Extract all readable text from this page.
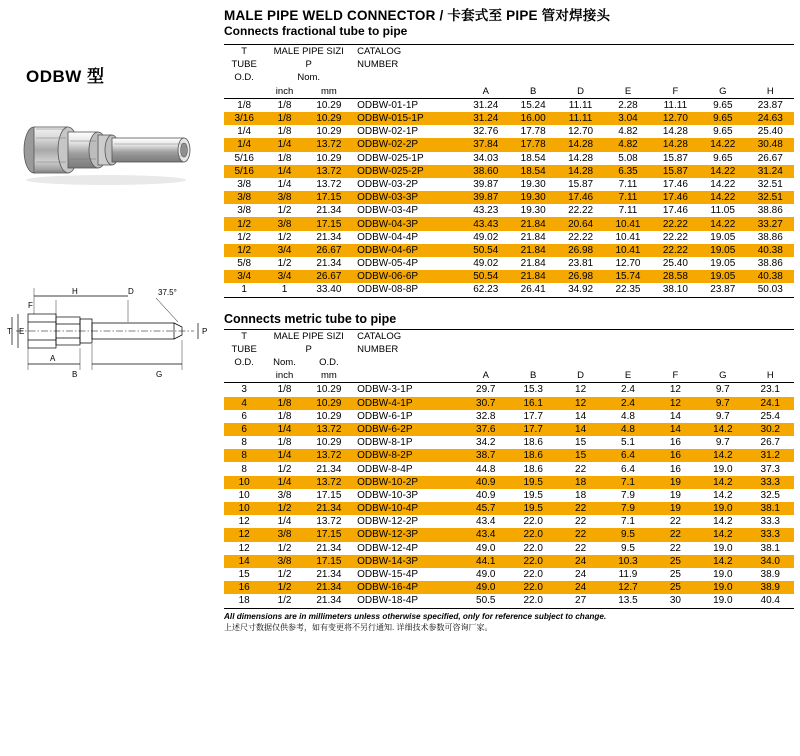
ODBW 型
H	D	37.5°
F
T E	P
A
B	G
MALE PIPE WELD CONNECTOR / 卡套式至 PIPE 管对焊接头
Connects fractional tube to pipe
T	MALE PIPE SIZI		CATALOG							
TUBE	P		NUMBER							
O.D.	Nom.									
	inch	mm		A	B	D	E	F	G	H
1/8	1/8	10.29	ODBW-01-1P	31.24	15.24	11.11	2.28	11.11	9.65	23.87
3/16	1/8	10.29	ODBW-015-1P	31.24	16.00	11.11	3.04	12.70	9.65	24.63
1/4	1/8	10.29	ODBW-02-1P	32.76	17.78	12.70	4.82	14.28	9.65	25.40
1/4	1/4	13.72	ODBW-02-2P	37.84	17.78	14.28	4.82	14.28	14.22	30.48
5/16	1/8	10.29	ODBW-025-1P	34.03	18.54	14.28	5.08	15.87	9.65	26.67
5/16	1/4	13.72	ODBW-025-2P	38.60	18.54	14.28	6.35	15.87	14.22	31.24
3/8	1/4	13.72	ODBW-03-2P	39.87	19.30	15.87	7.11	17.46	14.22	32.51
3/8	3/8	17.15	ODBW-03-3P	39.87	19.30	17.46	7.11	17.46	14.22	32.51
3/8	1/2	21.34	ODBW-03-4P	43.23	19.30	22.22	7.11	17.46	11.05	38.86
1/2	3/8	17.15	ODBW-04-3P	43.43	21.84	20.64	10.41	22.22	14.22	33.27
1/2	1/2	21.34	ODBW-04-4P	49.02	21.84	22.22	10.41	22.22	19.05	38.86
1/2	3/4	26.67	ODBW-04-6P	50.54	21.84	26.98	10.41	22.22	19.05	40.38
5/8	1/2	21.34	ODBW-05-4P	49.02	21.84	23.81	12.70	25.40	19.05	38.86
3/4	3/4	26.67	ODBW-06-6P	50.54	21.84	26.98	15.74	28.58	19.05	40.38
1	1	33.40	ODBW-08-8P	62.23	26.41	34.92	22.35	38.10	23.87	50.03
Connects metric tube to pipe
T	MALE PIPE SIZI		CATALOG							
TUBE	P		NUMBER							
O.D.	Nom.	O.D.								
	inch	mm		A	B	D	E	F	G	H
3	1/8	10.29	ODBW-3-1P	29.7	15.3	12	2.4	12	9.7	23.1
4	1/8	10.29	ODBW-4-1P	30.7	16.1	12	2.4	12	9.7	24.1
6	1/8	10.29	ODBW-6-1P	32.8	17.7	14	4.8	14	9.7	25.4
6	1/4	13.72	ODBW-6-2P	37.6	17.7	14	4.8	14	14.2	30.2
8	1/8	10.29	ODBW-8-1P	34.2	18.6	15	5.1	16	9.7	26.7
8	1/4	13.72	ODBW-8-2P	38.7	18.6	15	6.4	16	14.2	31.2
8	1/2	21.34	ODBW-8-4P	44.8	18.6	22	6.4	16	19.0	37.3
10	1/4	13.72	ODBW-10-2P	40.9	19.5	18	7.1	19	14.2	33.3
10	3/8	17.15	ODBW-10-3P	40.9	19.5	18	7.9	19	14.2	32.5
10	1/2	21.34	ODBW-10-4P	45.7	19.5	22	7.9	19	19.0	38.1
12	1/4	13.72	ODBW-12-2P	43.4	22.0	22	7.1	22	14.2	33.3
12	3/8	17.15	ODBW-12-3P	43.4	22.0	22	9.5	22	14.2	33.3
12	1/2	21.34	ODBW-12-4P	49.0	22.0	22	9.5	22	19.0	38.1
14	3/8	17.15	ODBW-14-3P	44.1	22.0	24	10.3	25	14.2	34.0
15	1/2	21.34	ODBW-15-4P	49.0	22.0	24	11.9	25	19.0	38.9
16	1/2	21.34	ODBW-16-4P	49.0	22.0	24	12.7	25	19.0	38.9
18	1/2	21.34	ODBW-18-4P	50.5	22.0	27	13.5	30	19.0	40.4
All dimensions are in millimeters unless otherwise specified, only for reference subject to change.
上述尺寸数据仅供参考，如有变更将不另行通知. 详细技术参数可咨询厂家。
